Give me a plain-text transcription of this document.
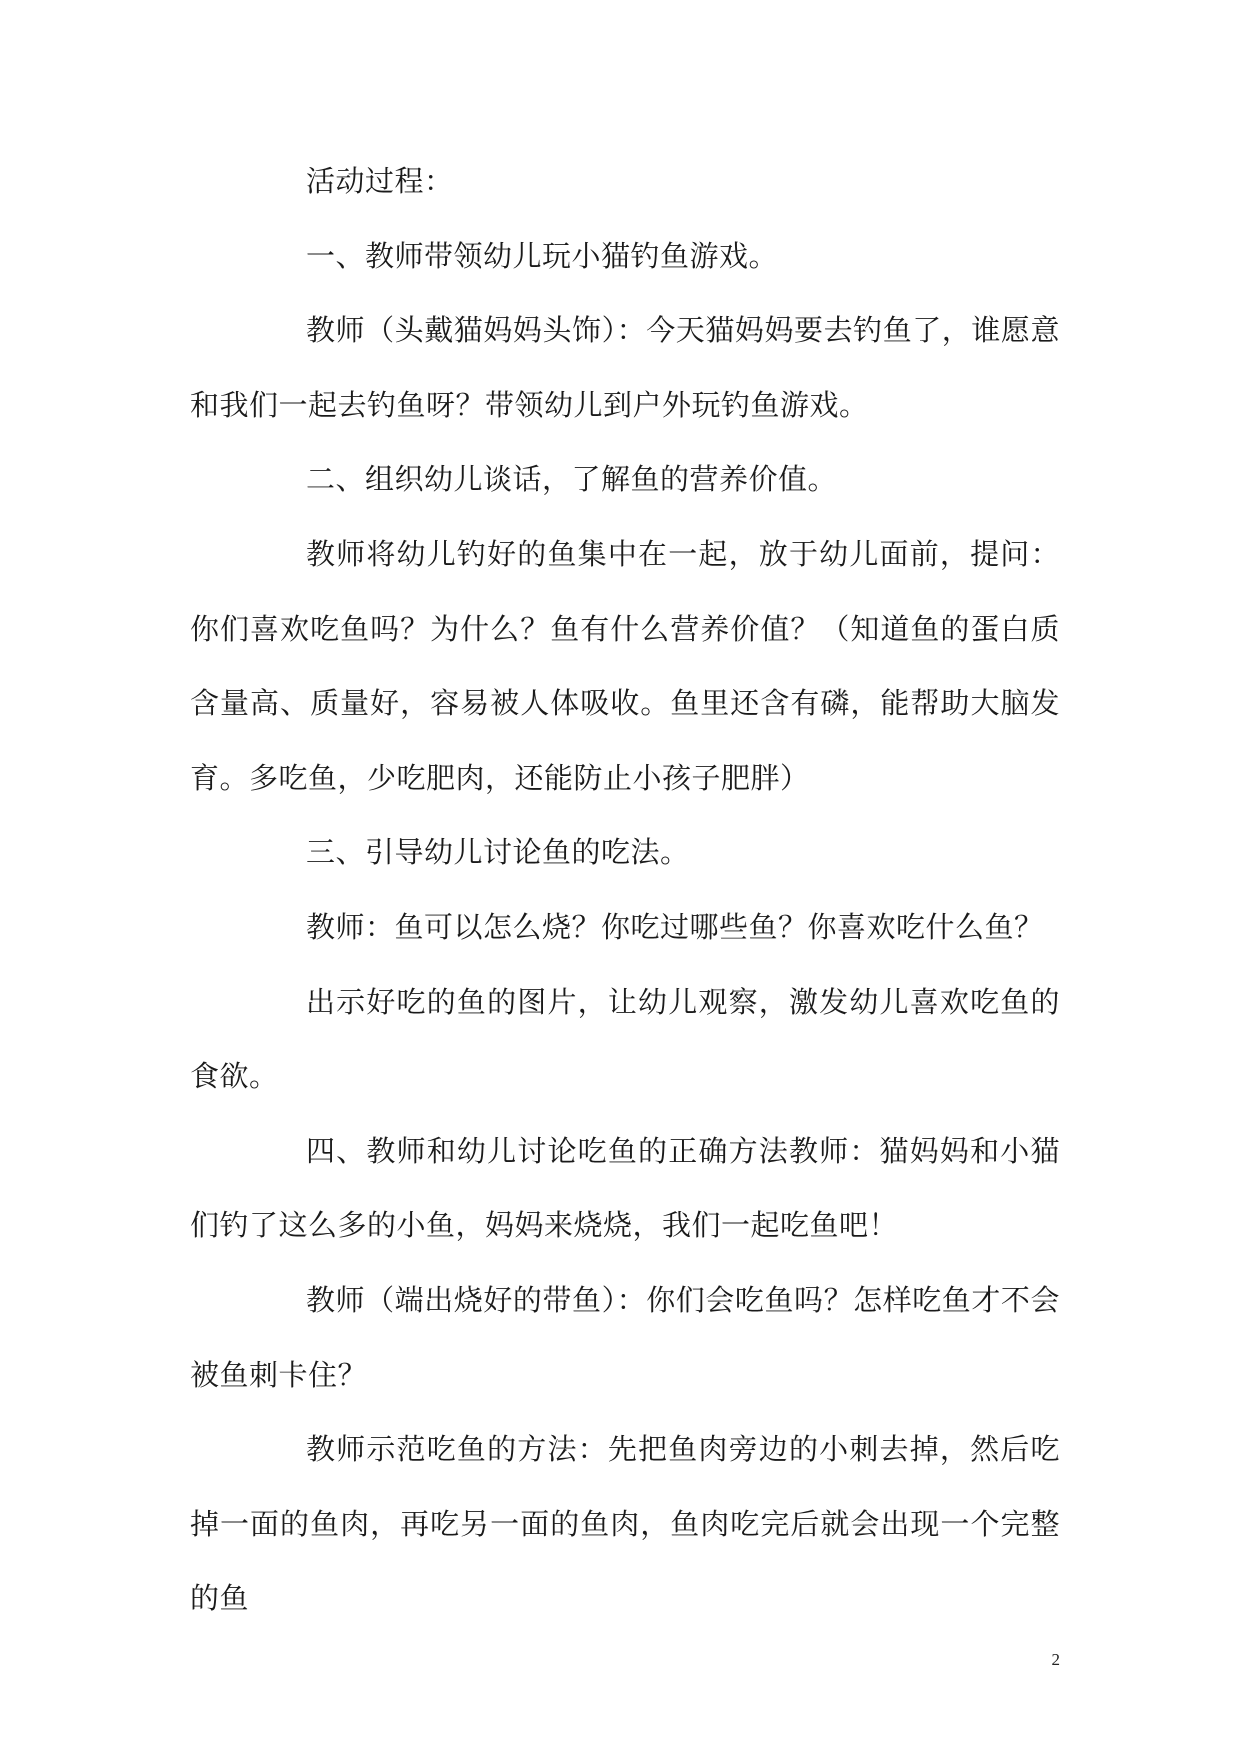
活动过程：

一、教师带领幼儿玩小猫钓鱼游戏。

教师（头戴猫妈妈头饰）：今天猫妈妈要去钓鱼了，谁愿意和我们一起去钓鱼呀？带领幼儿到户外玩钓鱼游戏。

二、组织幼儿谈话，了解鱼的营养价值。

教师将幼儿钓好的鱼集中在一起，放于幼儿面前，提问：你们喜欢吃鱼吗？为什么？鱼有什么营养价值？（知道鱼的蛋白质含量高、质量好，容易被人体吸收。鱼里还含有磷，能帮助大脑发育。多吃鱼，少吃肥肉，还能防止小孩子肥胖）

三、引导幼儿讨论鱼的吃法。

教师：鱼可以怎么烧？你吃过哪些鱼？你喜欢吃什么鱼？

出示好吃的鱼的图片，让幼儿观察，激发幼儿喜欢吃鱼的食欲。

四、教师和幼儿讨论吃鱼的正确方法教师：猫妈妈和小猫们钓了这么多的小鱼，妈妈来烧烧，我们一起吃鱼吧！

教师（端出烧好的带鱼）：你们会吃鱼吗？怎样吃鱼才不会被鱼刺卡住？

教师示范吃鱼的方法：先把鱼肉旁边的小刺去掉，然后吃掉一面的鱼肉，再吃另一面的鱼肉，鱼肉吃完后就会出现一个完整的鱼

2
